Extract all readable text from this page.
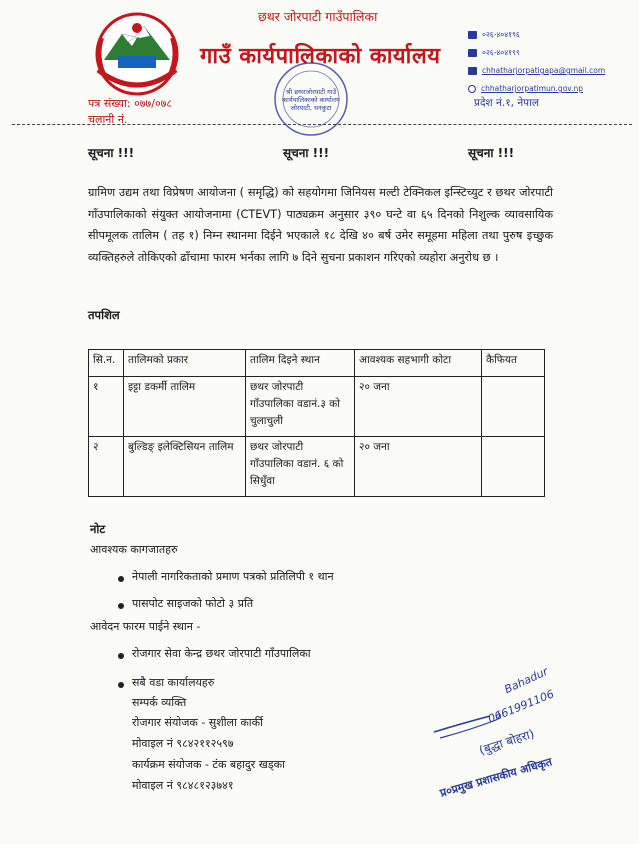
छथर जोरपाटी गाउँपालिका
गाउँ कार्यपालिकाको कार्यालय
श्री छथरजोरपाटी गाउँ कार्यपालिकाको कार्यालय जोरपाटी, धनकुटा
पत्र संख्या: ०७७/०७८
चलानी नं.
०२६-४०४१९६
०२६-४०४१९९
chhatharjorpatigapa@gmail.com
chhatharjorpatimun.gov.np
प्रदेश नं.१, नेपाल
सूचना !!!	सूचना !!!	सूचना !!!
ग्रामिण उद्यम तथा विप्रेषण आयोजना ( समृद्धि) को सहयोगमा जिनियस मल्टी टेक्निकल इन्स्टिच्युट र छथर जोरपाटी गाँउपालिकाको संयुक्त आयोजनामा (CTEVT) पाठ्यक्रम अनुसार ३९० घन्टे वा ६५ दिनको निशुल्क व्यावसायिक सीपमूलक तालिम ( तह १) निम्न स्थानमा दिईने भएकाले १८ देखि ४० बर्ष उमेर समूहमा महिला तथा पुरुष इच्छुक व्यक्तिहरुले तोकिएको ढाँचामा फारम भर्नका लागि ७ दिने सुचना प्रकाशन गरिएको व्यहोरा अनुरोध छ ।
तपशिल
सि.न.	तालिमको प्रकार	तालिम दिइने स्थान	आवश्यक सहभागी कोटा	कैफियत
१	इट्टा डकर्मी तालिम	छथर जोरपाटी गाँउपालिका वडानं.३ को चुलाचुली	२० जना	
२	बुल्डिङ् इलेक्टिसियन तालिम	छथर जोरपाटी गाँउपालिका वडानं. ६ को सिधुँवा	२० जना	
नोट
आवश्यक कागजातहरु
नेपाली नागरिकताको प्रमाण पत्रको प्रतिलिपी १ थान
पासपोट साइजको फोटो ३ प्रति
आवेदन फारम पाईने स्थान -
रोजगार सेवा केन्द्र छथर जोरपाटी गाँउपालिका
सबै वडा कार्यालयहरु
सम्पर्क व्यक्ति
रोजगार संयोजक - सुशीला कार्की
मोवाइल नं ९८४२११२५९७
कार्यक्रम संयोजक - टंक बहादुर खड्का
मोवाइल नं ९८४८१२३७४१
Bahadur
0661991106
(बुद्धा बोहरा)
प्र०प्रमुख प्रशासकीय अधिकृत
